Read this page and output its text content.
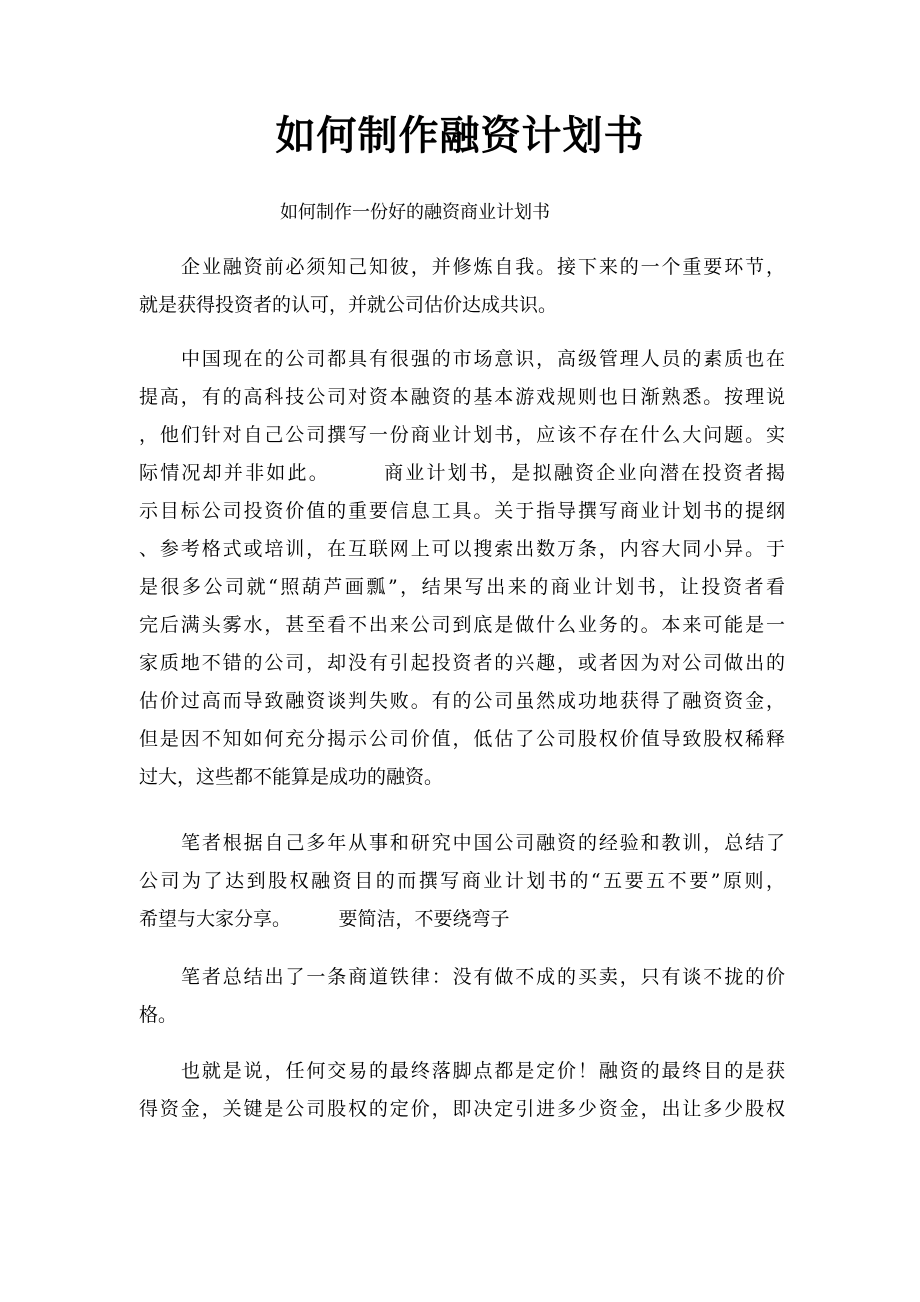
如何制作融资计划书
如何制作一份好的融资商业计划书
企业融资前必须知己知彼，并修炼自我。接下来的一个重要环节，
就是获得投资者的认可，并就公司估价达成共识。
中国现在的公司都具有很强的市场意识，高级管理人员的素质也在
提高，有的高科技公司对资本融资的基本游戏规则也日渐熟悉。按理说
，他们针对自己公司撰写一份商业计划书，应该不存在什么大问题。实
际情况却并非如此。　　　商业计划书，是拟融资企业向潜在投资者揭
示目标公司投资价值的重要信息工具。关于指导撰写商业计划书的提纲
、参考格式或培训，在互联网上可以搜索出数万条，内容大同小异。于
是很多公司就“照葫芦画瓢”，结果写出来的商业计划书，让投资者看
完后满头雾水，甚至看不出来公司到底是做什么业务的。本来可能是一
家质地不错的公司，却没有引起投资者的兴趣，或者因为对公司做出的
估价过高而导致融资谈判失败。有的公司虽然成功地获得了融资资金，
但是因不知如何充分揭示公司价值，低估了公司股权价值导致股权稀释
过大，这些都不能算是成功的融资。
笔者根据自己多年从事和研究中国公司融资的经验和教训，总结了
公司为了达到股权融资目的而撰写商业计划书的“五要五不要”原则，
希望与大家分享。　　　要简洁，不要绕弯子
笔者总结出了一条商道铁律：没有做不成的买卖，只有谈不拢的价
格。
也就是说，任何交易的最终落脚点都是定价！融资的最终目的是获
得资金，关键是公司股权的定价，即决定引进多少资金，出让多少股权
